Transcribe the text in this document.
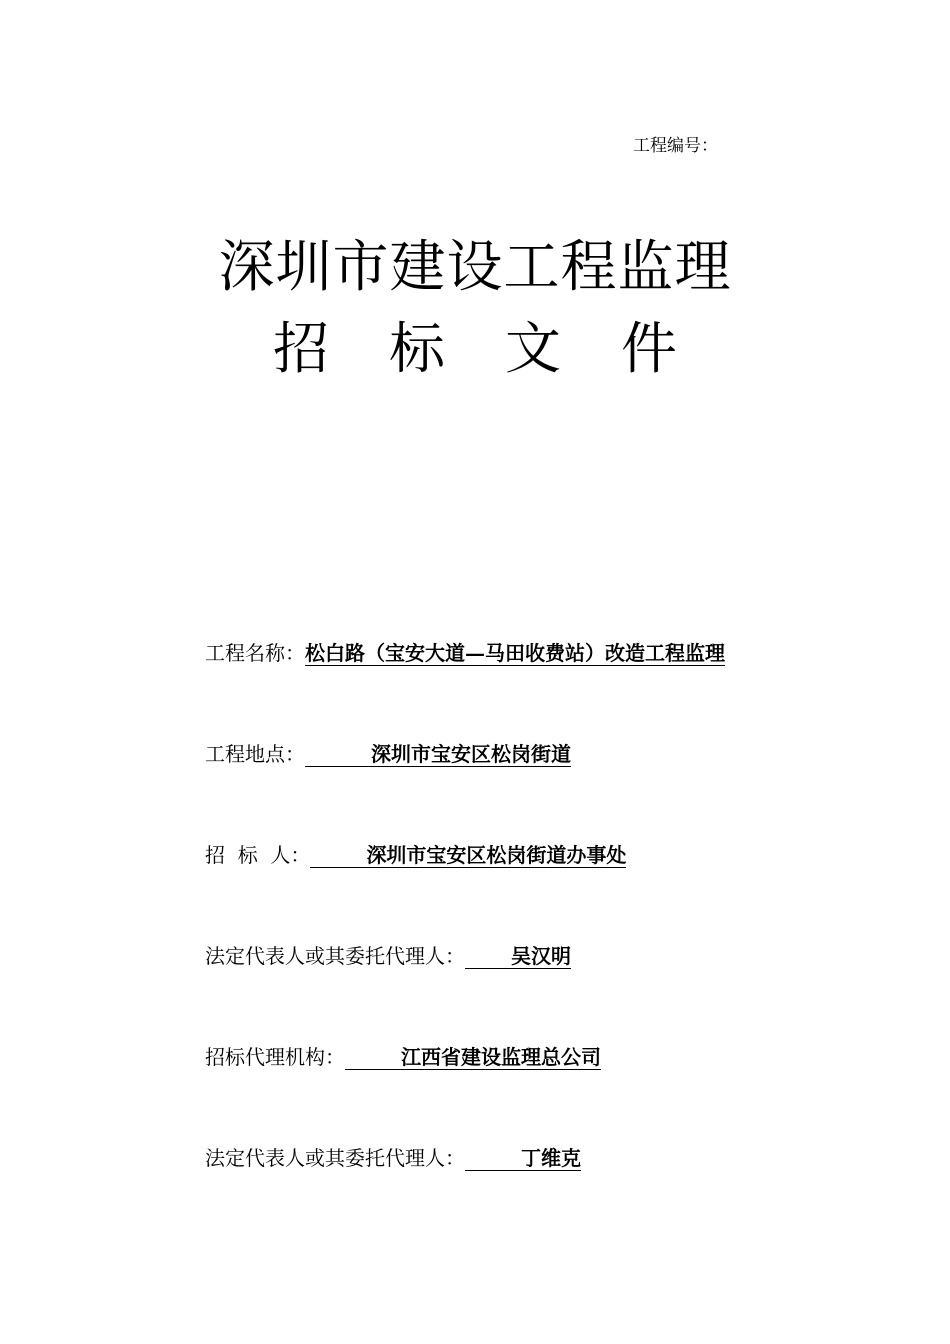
工程编号：
深圳市建设工程监理
招 标 文 件
工程名称：松白路（宝安大道—马田收费站）改造工程监理
工程地点：	深圳市宝安区松岗街道
招  标  人：	深圳市宝安区松岗街道办事处
法定代表人或其委托代理人： 吴汉明
招标代理机构：	江西省建设监理总公司
法定代表人或其委托代理人：	丁维克
